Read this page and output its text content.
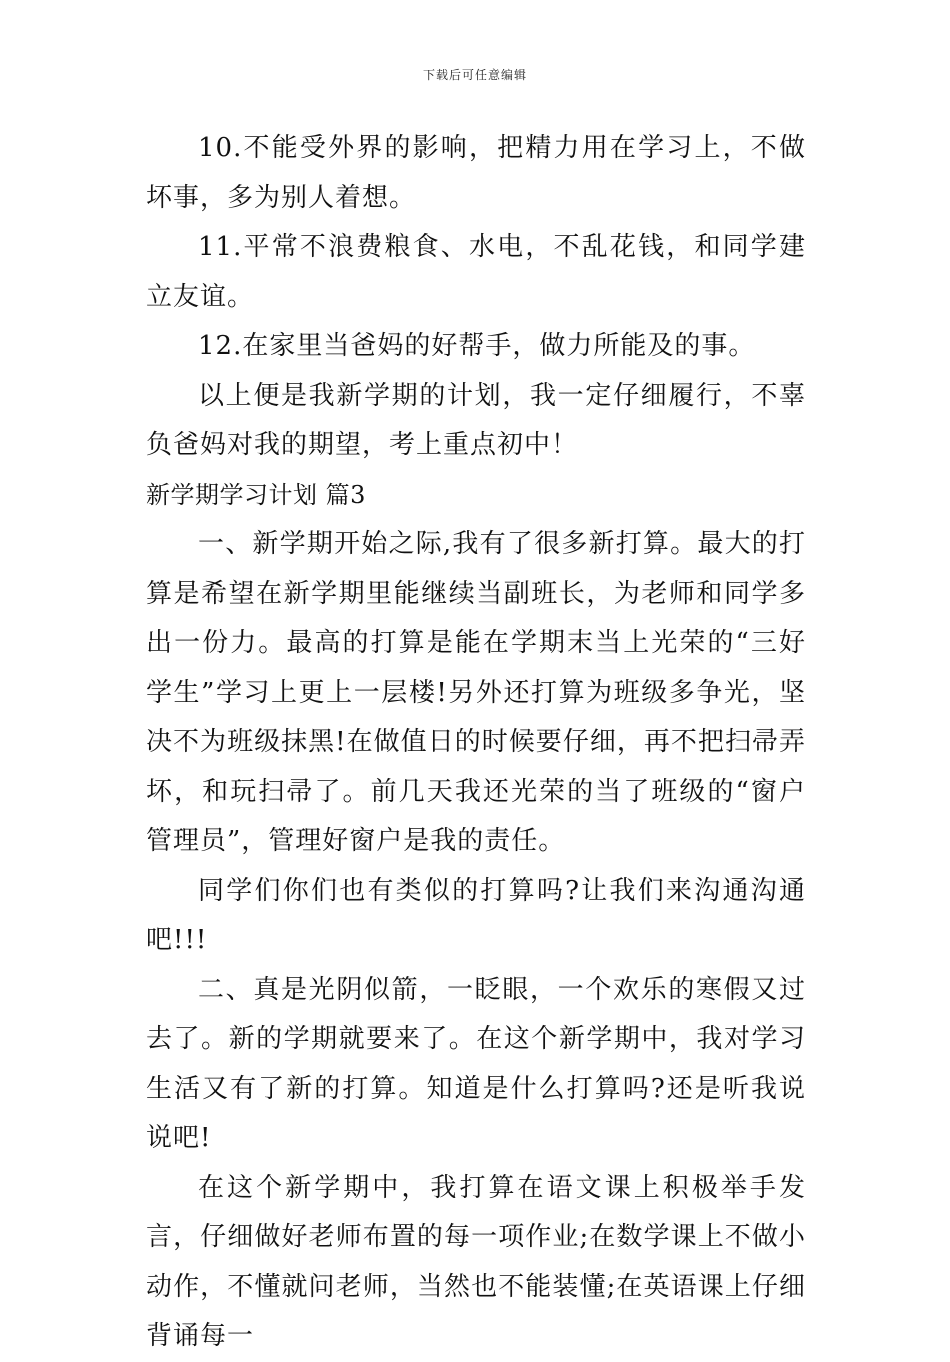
下载后可任意编辑

10.不能受外界的影响，把精力用在学习上，不做坏事，多为别人着想。

11.平常不浪费粮食、水电，不乱花钱，和同学建立友谊。

12.在家里当爸妈的好帮手，做力所能及的事。

以上便是我新学期的计划，我一定仔细履行，不辜负爸妈对我的期望，考上重点初中！

新学期学习计划 篇3

一、新学期开始之际,我有了很多新打算。最大的打算是希望在新学期里能继续当副班长，为老师和同学多出一份力。最高的打算是能在学期末当上光荣的“三好学生”学习上更上一层楼!另外还打算为班级多争光，坚决不为班级抹黑!在做值日的时候要仔细，再不把扫帚弄坏，和玩扫帚了。前几天我还光荣的当了班级的“窗户管理员”，管理好窗户是我的责任。

同学们你们也有类似的打算吗?让我们来沟通沟通吧!!!

二、真是光阴似箭，一眨眼，一个欢乐的寒假又过去了。新的学期就要来了。在这个新学期中，我对学习生活又有了新的打算。知道是什么打算吗?还是听我说说吧!

在这个新学期中，我打算在语文课上积极举手发言，仔细做好老师布置的每一项作业;在数学课上不做小动作，不懂就问老师，当然也不能装懂;在英语课上仔细背诵每一
